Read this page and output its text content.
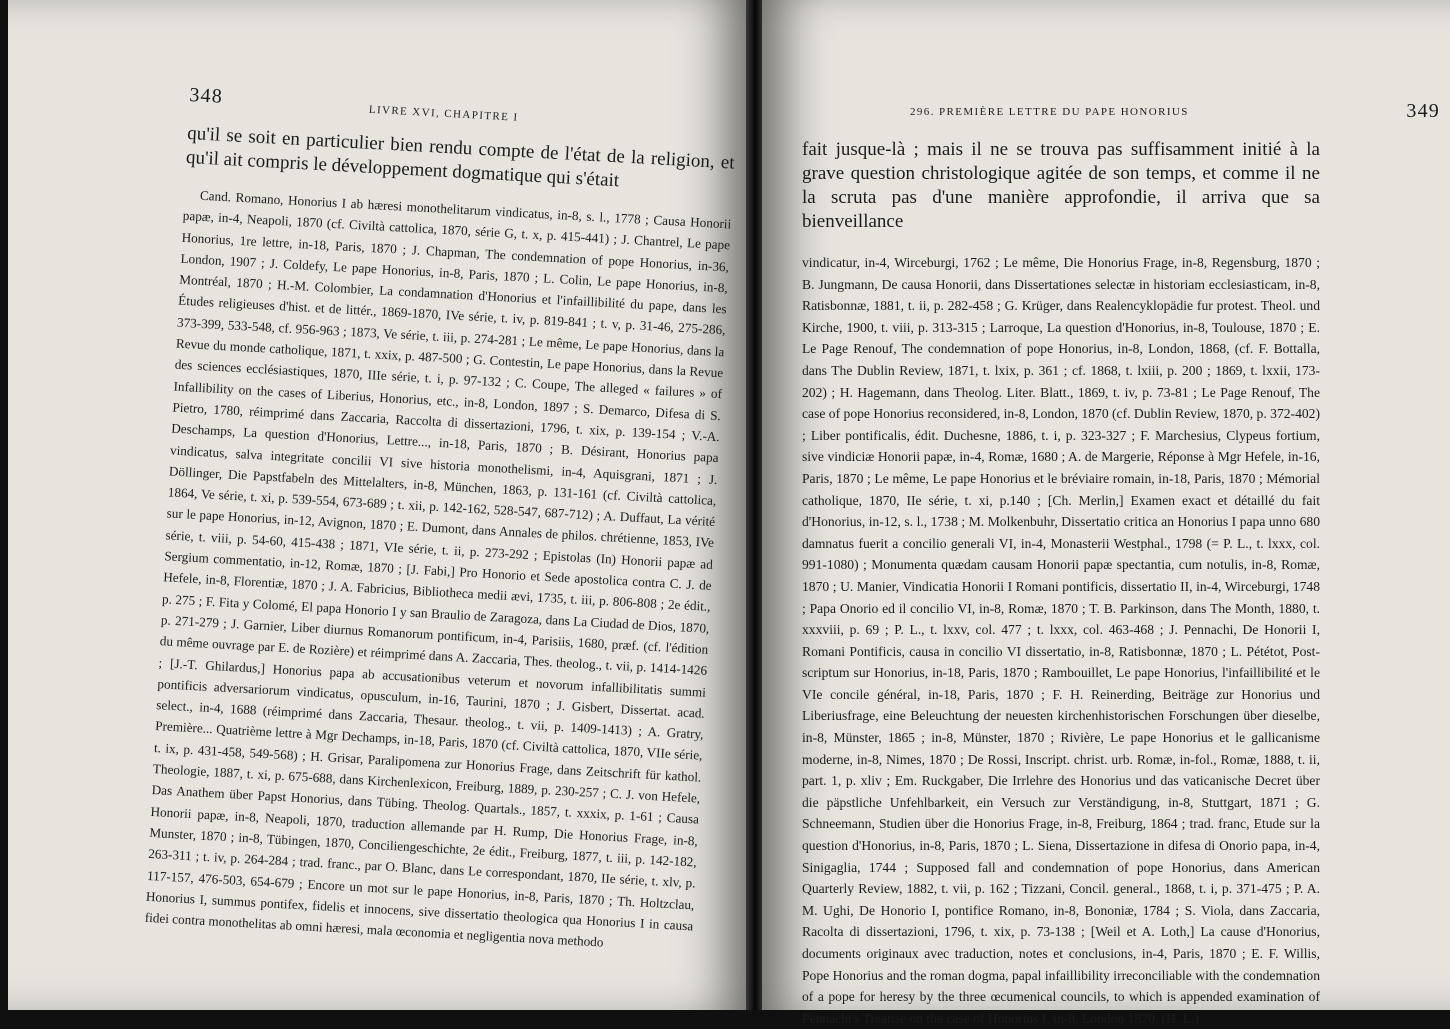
348
LIVRE XVI, CHAPITRE I
qu'il se soit en particulier bien rendu compte de l'état de la religion, et qu'il ait compris le développement dogmatique qui s'était

Cand. Romano, Honorius I ab hæresi monothelitarum vindicatus, in-8, s. l., 1778 ; Causa Honorii papæ, in-4, Neapoli, 1870 (cf. Civiltà cattolica, 1870, série G, t. x, p. 415-441) ; J. Chantrel, Le pape Honorius, 1re lettre, in-18, Paris, 1870 ; J. Chapman, The condemnation of pope Honorius, in-36, London, 1907 ; J. Coldefy, Le pape Honorius, in-8, Paris, 1870 ; L. Colin, Le pape Honorius, in-8, Montréal, 1870 ; H.-M. Colombier, La condamnation d'Honorius et l'infaillibilité du pape, dans les Études religieuses d'hist. et de littér., 1869-1870, IVe série, t. iv, p. 819-841 ; t. v, p. 31-46, 275-286, 373-399, 533-548, cf. 956-963 ; 1873, Ve série, t. iii, p. 274-281 ; Le même, Le pape Honorius, dans la Revue du monde catholique, 1871, t. xxix, p. 487-500 ; G. Contestin, Le pape Honorius, dans la Revue des sciences ecclésiastiques, 1870, IIIe série, t. i, p. 97-132 ; C. Coupe, The alleged « failures » of Infallibility on the cases of Liberius, Honorius, etc., in-8, London, 1897 ; S. Demarco, Difesa di S. Pietro, 1780, réimprimé dans Zaccaria, Raccolta di dissertazioni, 1796, t. xix, p. 139-154 ; V.-A. Deschamps, La question d'Honorius, Lettre..., in-18, Paris, 1870 ; B. Désirant, Honorius papa vindicatus, salva integritate concilii VI sive historia monothelismi, in-4, Aquisgrani, 1871 ; J. Döllinger, Die Papstfabeln des Mittelalters, in-8, München, 1863, p. 131-161 (cf. Civiltà cattolica, 1864, Ve série, t. xi, p. 539-554, 673-689 ; t. xii, p. 142-162, 528-547, 687-712) ; A. Duffaut, La vérité sur le pape Honorius, in-12, Avignon, 1870 ; E. Dumont, dans Annales de philos. chrétienne, 1853, IVe série, t. viii, p. 54-60, 415-438 ; 1871, VIe série, t. ii, p. 273-292 ; Epistolas (In) Honorii papæ ad Sergium commentatio, in-12, Romæ, 1870 ; [J. Fabi,] Pro Honorio et Sede apostolica contra C. J. de Hefele, in-8, Florentiæ, 1870 ; J. A. Fabricius, Bibliotheca medii ævi, 1735, t. iii, p. 806-808 ; 2e édit., p. 275 ; F. Fita y Colomé, El papa Honorio I y san Braulio de Zaragoza, dans La Ciudad de Dios, 1870, p. 271-279 ; J. Garnier, Liber diurnus Romanorum pontificum, in-4, Parisiis, 1680, præf. (cf. l'édition du même ouvrage par E. de Rozière) et réimprimé dans A. Zaccaria, Thes. theolog., t. vii, p. 1414-1426 ; [J.-T. Ghilardus,] Honorius papa ab accusationibus veterum et novorum infallibilitatis summi pontificis adversariorum vindicatus, opusculum, in-16, Taurini, 1870 ; J. Gisbert, Dissertat. acad. select., in-4, 1688 (réimprimé dans Zaccaria, Thesaur. theolog., t. vii, p. 1409-1413) ; A. Gratry, Première... Quatrième lettre à Mgr Dechamps, in-18, Paris, 1870 (cf. Civiltà cattolica, 1870, VIIe série, t. ix, p. 431-458, 549-568) ; H. Grisar, Paralipomena zur Honorius Frage, dans Zeitschrift für kathol. Theologie, 1887, t. xi, p. 675-688, dans Kirchenlexicon, Freiburg, 1889, p. 230-257 ; C. J. von Hefele, Das Anathem über Papst Honorius, dans Tübing. Theolog. Quartals., 1857, t. xxxix, p. 1-61 ; Causa Honorii papæ, in-8, Neapoli, 1870, traduction allemande par H. Rump, Die Honorius Frage, in-8, Munster, 1870 ; in-8, Tübingen, 1870, Conciliengeschichte, 2e édit., Freiburg, 1877, t. iii, p. 142-182, 263-311 ; t. iv, p. 264-284 ; trad. franc., par O. Blanc, dans Le correspondant, 1870, IIe série, t. xlv, p. 117-157, 476-503, 654-679 ; Encore un mot sur le pape Honorius, in-8, Paris, 1870 ; Th. Holtzclau, Honorius I, summus pontifex, fidelis et innocens, sive dissertatio theologica qua Honorius I in causa fidei contra monothelitas ab omni hæresi, mala œconomia et negligentia nova methodo

296. PREMIÈRE LETTRE DU PAPE HONORIUS	349
fait jusque-là ; mais il ne se trouva pas suffisamment initié à la grave question christologique agitée de son temps, et comme il ne la scruta pas d'une manière approfondie, il arriva que sa bienveillance

vindicatur, in-4, Wirceburgi, 1762 ; Le même, Die Honorius Frage, in-8, Regensburg, 1870 ; B. Jungmann, De causa Honorii, dans Dissertationes selectæ in historiam ecclesiasticam, in-8, Ratisbonnæ, 1881, t. ii, p. 282-458 ; G. Krüger, dans Realencyklopädie fur protest. Theol. und Kirche, 1900, t. viii, p. 313-315 ; Larroque, La question d'Honorius, in-8, Toulouse, 1870 ; E. Le Page Renouf, The condemnation of pope Honorius, in-8, London, 1868, (cf. F. Bottalla, dans The Dublin Review, 1871, t. lxix, p. 361 ; cf. 1868, t. lxiii, p. 200 ; 1869, t. lxxii, 173-202) ; H. Hagemann, dans Theolog. Liter. Blatt., 1869, t. iv, p. 73-81 ; Le Page Renouf, The case of pope Honorius reconsidered, in-8, London, 1870 (cf. Dublin Review, 1870, p. 372-402) ; Liber pontificalis, édit. Duchesne, 1886, t. i, p. 323-327 ; F. Marchesius, Clypeus fortium, sive vindiciæ Honorii papæ, in-4, Romæ, 1680 ; A. de Margerie, Réponse à Mgr Hefele, in-16, Paris, 1870 ; Le même, Le pape Honorius et le bréviaire romain, in-18, Paris, 1870 ; Mémorial catholique, 1870, IIe série, t. xi, p.140 ; [Ch. Merlin,] Examen exact et détaillé du fait d'Honorius, in-12, s. l., 1738 ; M. Molkenbuhr, Dissertatio critica an Honorius I papa unno 680 damnatus fuerit a concilio generali VI, in-4, Monasterii Westphal., 1798 (= P. L., t. lxxx, col. 991-1080) ; Monumenta quædam causam Honorii papæ spectantia, cum notulis, in-8, Romæ, 1870 ; U. Manier, Vindicatia Honorii I Romani pontificis, dissertatio II, in-4, Wirceburgi, 1748 ; Papa Onorio ed il concilio VI, in-8, Romæ, 1870 ; T. B. Parkinson, dans The Month, 1880, t. xxxviii, p. 69 ; P. L., t. lxxv, col. 477 ; t. lxxx, col. 463-468 ; J. Pennachi, De Honorii I, Romani Pontificis, causa in concilio VI dissertatio, in-8, Ratisbonnæ, 1870 ; L. Pététot, Post-scriptum sur Honorius, in-18, Paris, 1870 ; Rambouillet, Le pape Honorius, l'infaillibilité et le VIe concile général, in-18, Paris, 1870 ; F. H. Reinerding, Beiträge zur Honorius und Liberiusfrage, eine Beleuchtung der neuesten kirchenhistorischen Forschungen über dieselbe, in-8, Münster, 1865 ; in-8, Münster, 1870 ; Rivière, Le pape Honorius et le gallicanisme moderne, in-8, Nimes, 1870 ; De Rossi, Inscript. christ. urb. Romæ, in-fol., Romæ, 1888, t. ii, part. 1, p. xliv ; Em. Ruckgaber, Die Irrlehre des Honorius und das vaticanische Decret über die päpstliche Unfehlbarkeit, ein Versuch zur Verständigung, in-8, Stuttgart, 1871 ; G. Schneemann, Studien über die Honorius Frage, in-8, Freiburg, 1864 ; trad. franc, Etude sur la question d'Honorius, in-8, Paris, 1870 ; L. Siena, Dissertazione in difesa di Onorio papa, in-4, Sinigaglia, 1744 ; Supposed fall and condemnation of pope Honorius, dans American Quarterly Review, 1882, t. vii, p. 162 ; Tizzani, Concil. general., 1868, t. i, p. 371-475 ; P. A. M. Ughi, De Honorio I, pontifice Romano, in-8, Bononiæ, 1784 ; S. Viola, dans Zaccaria, Racolta di dissertazioni, 1796, t. xix, p. 73-138 ; [Weil et A. Loth,] La cause d'Honorius, documents originaux avec traduction, notes et conclusions, in-4, Paris, 1870 ; E. F. Willis, Pope Honorius and the roman dogma, papal infaillibility irreconciliable with the condemnation of a pope for heresy by the three œcumenical councils, to which is appended examination of Pennachi's Treatise on the case of Honorius I, in-8, London 1870. (H. L.)
